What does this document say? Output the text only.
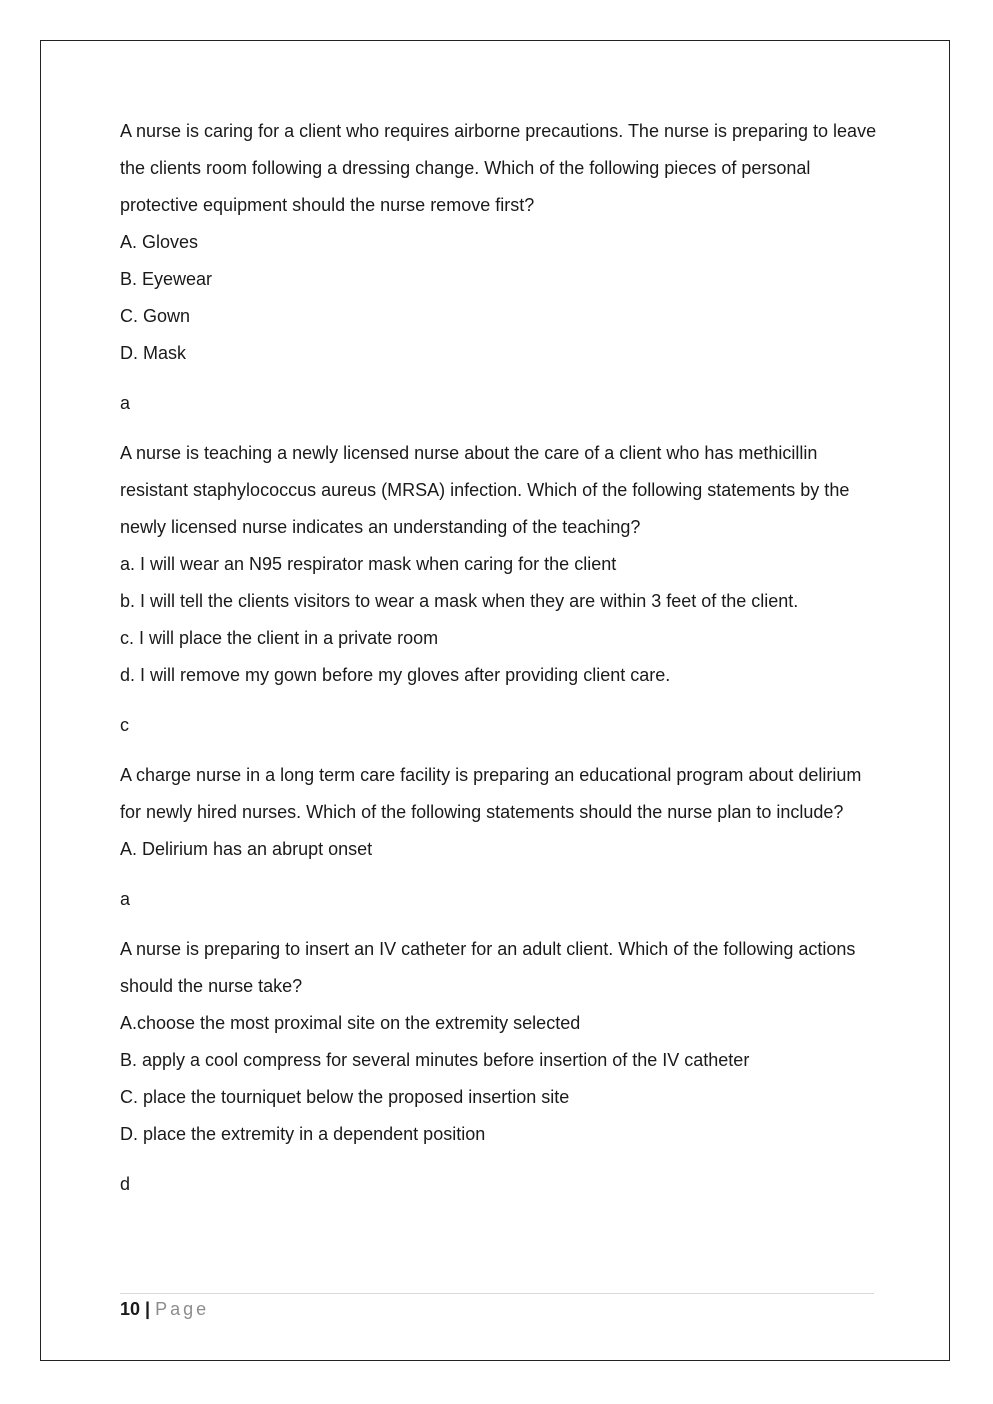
A nurse is caring for a client who requires airborne precautions. The nurse is preparing to leave the clients room following a dressing change. Which of the following pieces of personal protective equipment should the nurse remove first?

A. Gloves

B. Eyewear

C. Gown

D. Mask

a

A nurse is teaching a newly licensed nurse about the care of a client who has methicillin resistant staphylococcus aureus (MRSA) infection. Which of the following statements by the newly licensed nurse indicates an understanding of the teaching?

a. I will wear an N95 respirator mask when caring for the client

b. I will tell the clients visitors to wear a mask when they are within 3 feet of the client.

c. I will place the client in a private room

d. I will remove my gown before my gloves after providing client care.

c

A charge nurse in a long term care facility is preparing an educational program about delirium for newly hired nurses. Which of the following statements should the nurse plan to include?

A. Delirium has an abrupt onset

a

A nurse is preparing to insert an IV catheter for an adult client. Which of the following actions should the nurse take?

A.choose the most proximal site on the extremity selected

B. apply a cool compress for several minutes before insertion of the IV catheter

C. place the tourniquet below the proposed insertion site

D. place the extremity in a dependent position

d

10 | Page
